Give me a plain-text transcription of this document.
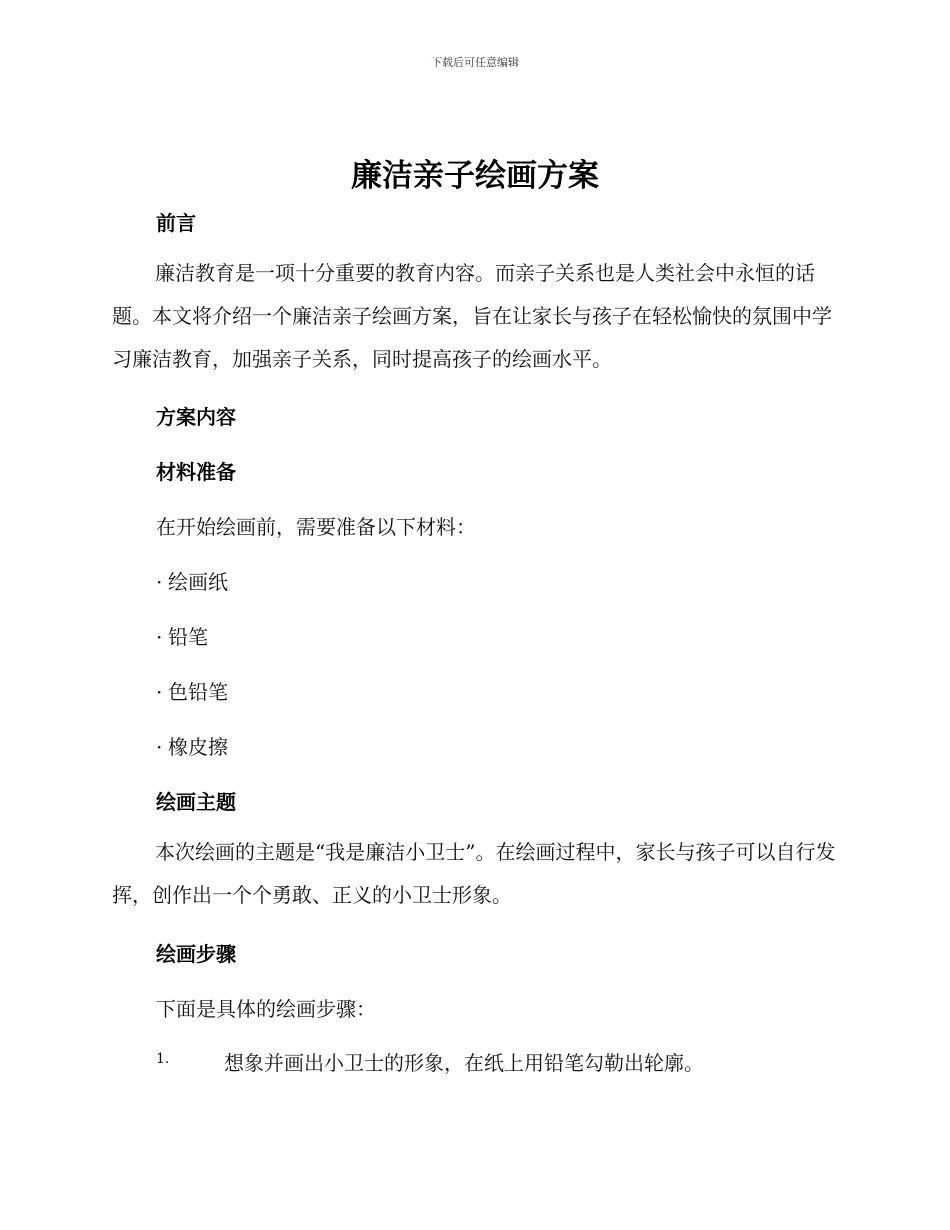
下载后可任意编辑
廉洁亲子绘画方案
前言

廉洁教育是一项十分重要的教育内容。而亲子关系也是人类社会中永恒的话题。本文将介绍一个廉洁亲子绘画方案，旨在让家长与孩子在轻松愉快的氛围中学习廉洁教育，加强亲子关系，同时提高孩子的绘画水平。

方案内容
材料准备

在开始绘画前，需要准备以下材料：

· 绘画纸

· 铅笔

· 色铅笔

· 橡皮擦

绘画主题

本次绘画的主题是“我是廉洁小卫士”。在绘画过程中，家长与孩子可以自行发挥，创作出一个个勇敢、正义的小卫士形象。

绘画步骤

下面是具体的绘画步骤：

1.	想象并画出小卫士的形象，在纸上用铅笔勾勒出轮廓。
